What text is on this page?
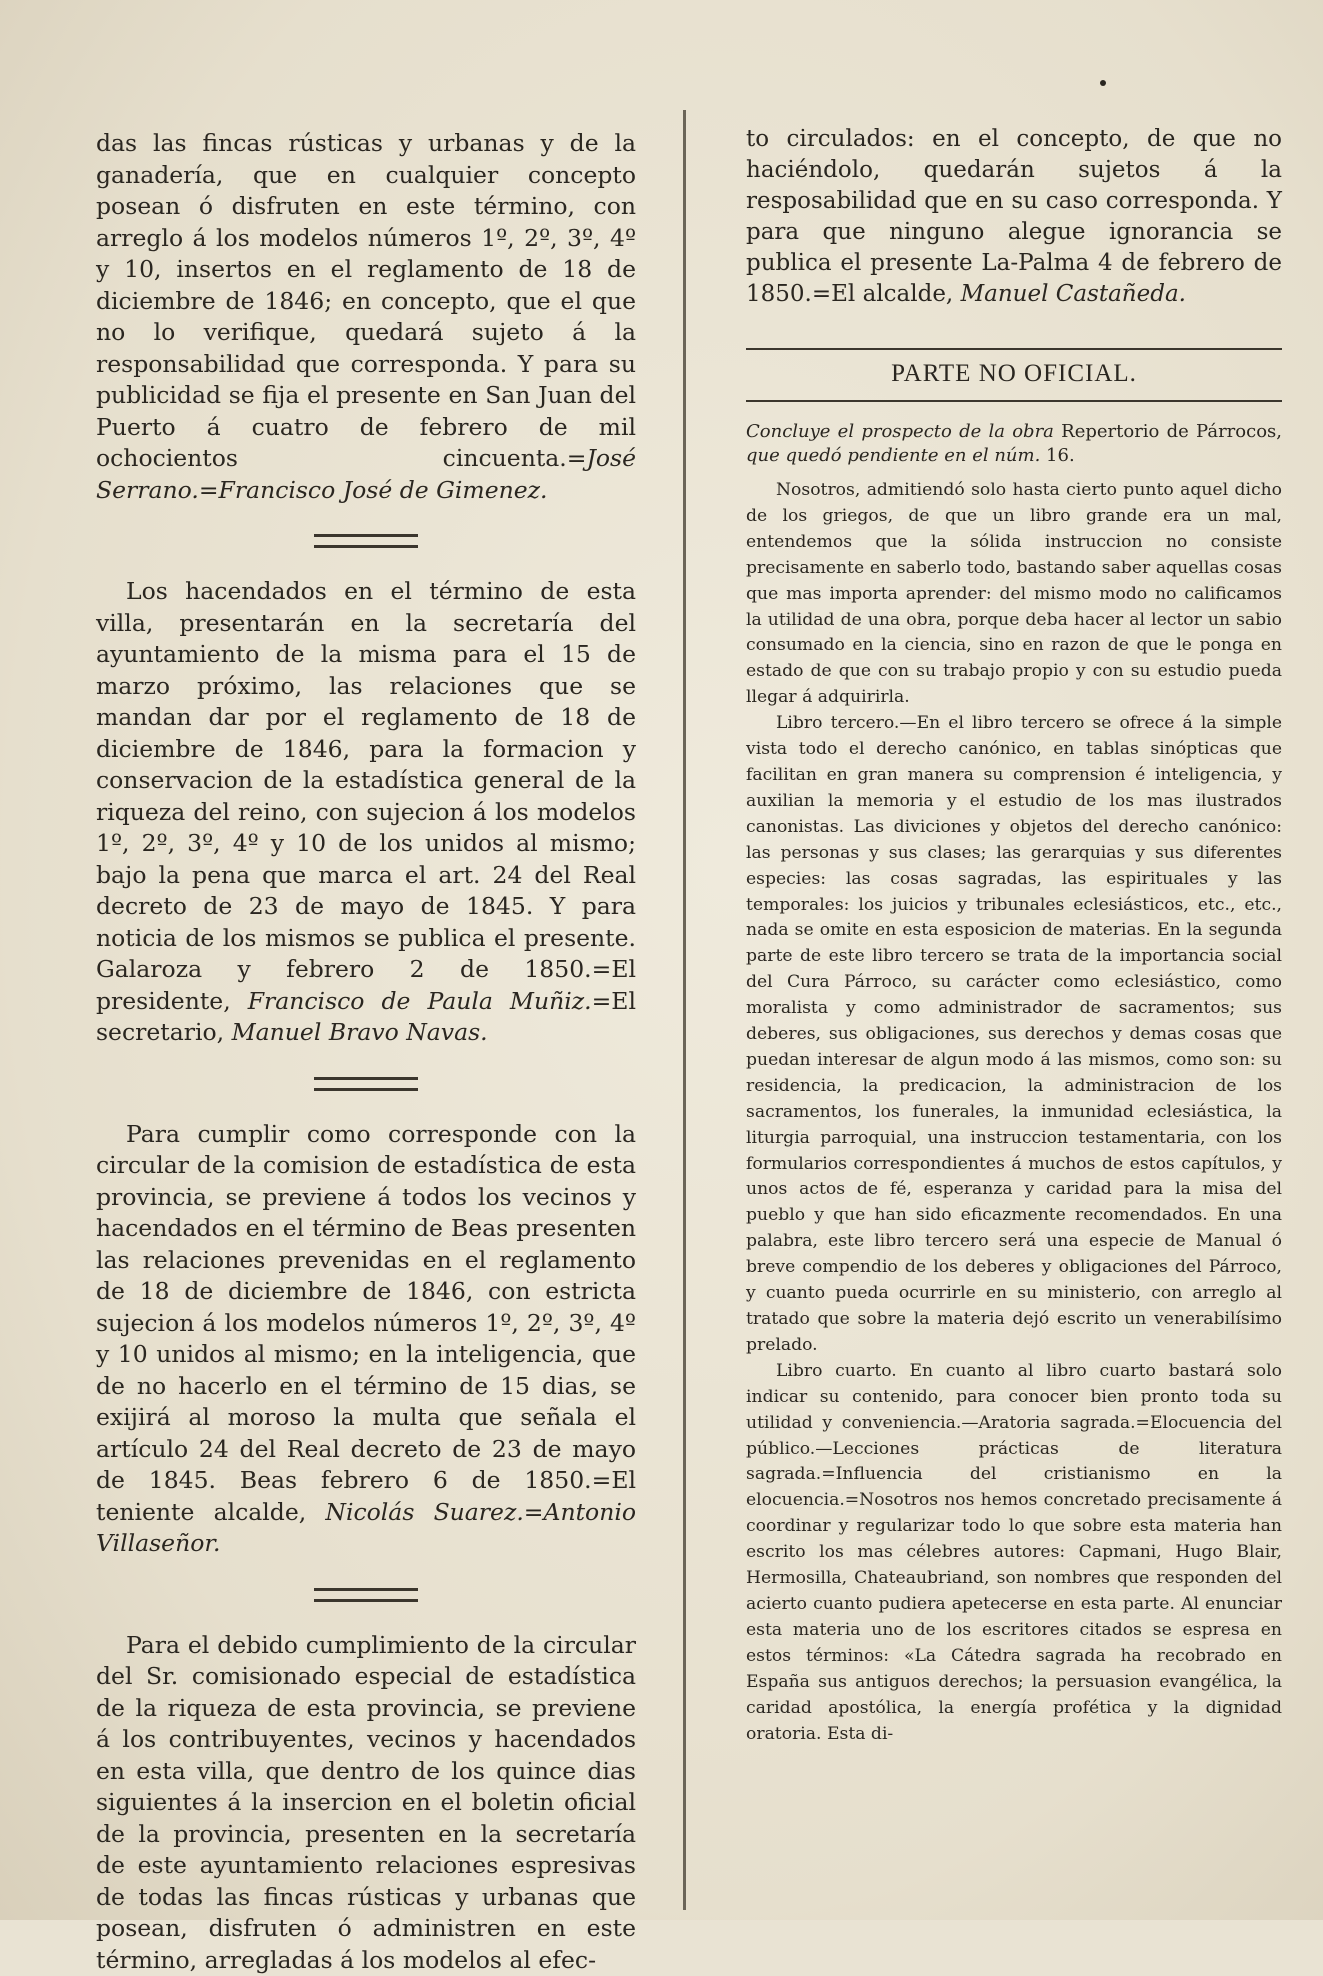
das las fincas rústicas y urbanas y de la ganadería, que en cualquier concepto posean ó disfruten en este término, con arreglo á los modelos números 1º, 2º, 3º, 4º y 10, insertos en el reglamento de 18 de diciembre de 1846; en concepto, que el que no lo verifique, quedará sujeto á la responsabilidad que corresponda. Y para su publicidad se fija el presente en San Juan del Puerto á cuatro de febrero de mil ochocientos cincuenta.=José Serrano.=Francisco José de Gimenez.

Los hacendados en el término de esta villa, presentarán en la secretaría del ayuntamiento de la misma para el 15 de marzo próximo, las relaciones que se mandan dar por el reglamento de 18 de diciembre de 1846, para la formacion y conservacion de la estadística general de la riqueza del reino, con sujecion á los modelos 1º, 2º, 3º, 4º y 10 de los unidos al mismo; bajo la pena que marca el art. 24 del Real decreto de 23 de mayo de 1845. Y para noticia de los mismos se publica el presente. Galaroza y febrero 2 de 1850.=El presidente, Francisco de Paula Muñiz.=El secretario, Manuel Bravo Navas.

Para cumplir como corresponde con la circular de la comision de estadística de esta provincia, se previene á todos los vecinos y hacendados en el término de Beas presenten las relaciones prevenidas en el reglamento de 18 de diciembre de 1846, con estricta sujecion á los modelos números 1º, 2º, 3º, 4º y 10 unidos al mismo; en la inteligencia, que de no hacerlo en el término de 15 dias, se exijirá al moroso la multa que señala el artículo 24 del Real decreto de 23 de mayo de 1845. Beas febrero 6 de 1850.=El teniente alcalde, Nicolás Suarez.=Antonio Villaseñor.

Para el debido cumplimiento de la circular del Sr. comisionado especial de estadística de la riqueza de esta provincia, se previene á los contribuyentes, vecinos y hacendados en esta villa, que dentro de los quince dias siguientes á la insercion en el boletin oficial de la provincia, presenten en la secretaría de este ayuntamiento relaciones espresivas de todas las fincas rústicas y urbanas que posean, disfruten ó administren en este término, arregladas á los modelos al efec-

to circulados: en el concepto, de que no haciéndolo, quedarán sujetos á la resposabilidad que en su caso corresponda. Y para que ninguno alegue ignorancia se publica el presente La-Palma 4 de febrero de 1850.=El alcalde, Manuel Castañeda.

PARTE NO OFICIAL.

Concluye el prospecto de la obra Repertorio de Párrocos, que quedó pendiente en el núm. 16.

Nosotros, admitiendó solo hasta cierto punto aquel dicho de los griegos, de que un libro grande era un mal, entendemos que la sólida instruccion no consiste precisamente en saberlo todo, bastando saber aquellas cosas que mas importa aprender: del mismo modo no calificamos la utilidad de una obra, porque deba hacer al lector un sabio consumado en la ciencia, sino en razon de que le ponga en estado de que con su trabajo propio y con su estudio pueda llegar á adquirirla.

Libro tercero.—En el libro tercero se ofrece á la simple vista todo el derecho canónico, en tablas sinópticas que facilitan en gran manera su comprension é inteligencia, y auxilian la memoria y el estudio de los mas ilustrados canonistas. Las diviciones y objetos del derecho canónico: las personas y sus clases; las gerarquias y sus diferentes especies: las cosas sagradas, las espirituales y las temporales: los juicios y tribunales eclesiásticos, etc., etc., nada se omite en esta esposicion de materias. En la segunda parte de este libro tercero se trata de la importancia social del Cura Párroco, su carácter como eclesiástico, como moralista y como administrador de sacramentos; sus deberes, sus obligaciones, sus derechos y demas cosas que puedan interesar de algun modo á las mismos, como son: su residencia, la predicacion, la administracion de los sacramentos, los funerales, la inmunidad eclesiástica, la liturgia parroquial, una instruccion testamentaria, con los formularios correspondientes á muchos de estos capítulos, y unos actos de fé, esperanza y caridad para la misa del pueblo y que han sido eficazmente recomendados. En una palabra, este libro tercero será una especie de Manual ó breve compendio de los deberes y obligaciones del Párroco, y cuanto pueda ocurrirle en su ministerio, con arreglo al tratado que sobre la materia dejó escrito un venerabilísimo prelado.

Libro cuarto. En cuanto al libro cuarto bastará solo indicar su contenido, para conocer bien pronto toda su utilidad y conveniencia.—Aratoria sagrada.=Elocuencia del público.—Lecciones prácticas de literatura sagrada.=Influencia del cristianismo en la elocuencia.=Nosotros nos hemos concretado precisamente á coordinar y regularizar todo lo que sobre esta materia han escrito los mas célebres autores: Capmani, Hugo Blair, Hermosilla, Chateaubriand, son nombres que responden del acierto cuanto pudiera apetecerse en esta parte. Al enunciar esta materia uno de los escritores citados se espresa en estos términos: «La Cátedra sagrada ha recobrado en España sus antiguos derechos; la persuasion evangélica, la caridad apostólica, la energía profética y la dignidad oratoria. Esta di-
